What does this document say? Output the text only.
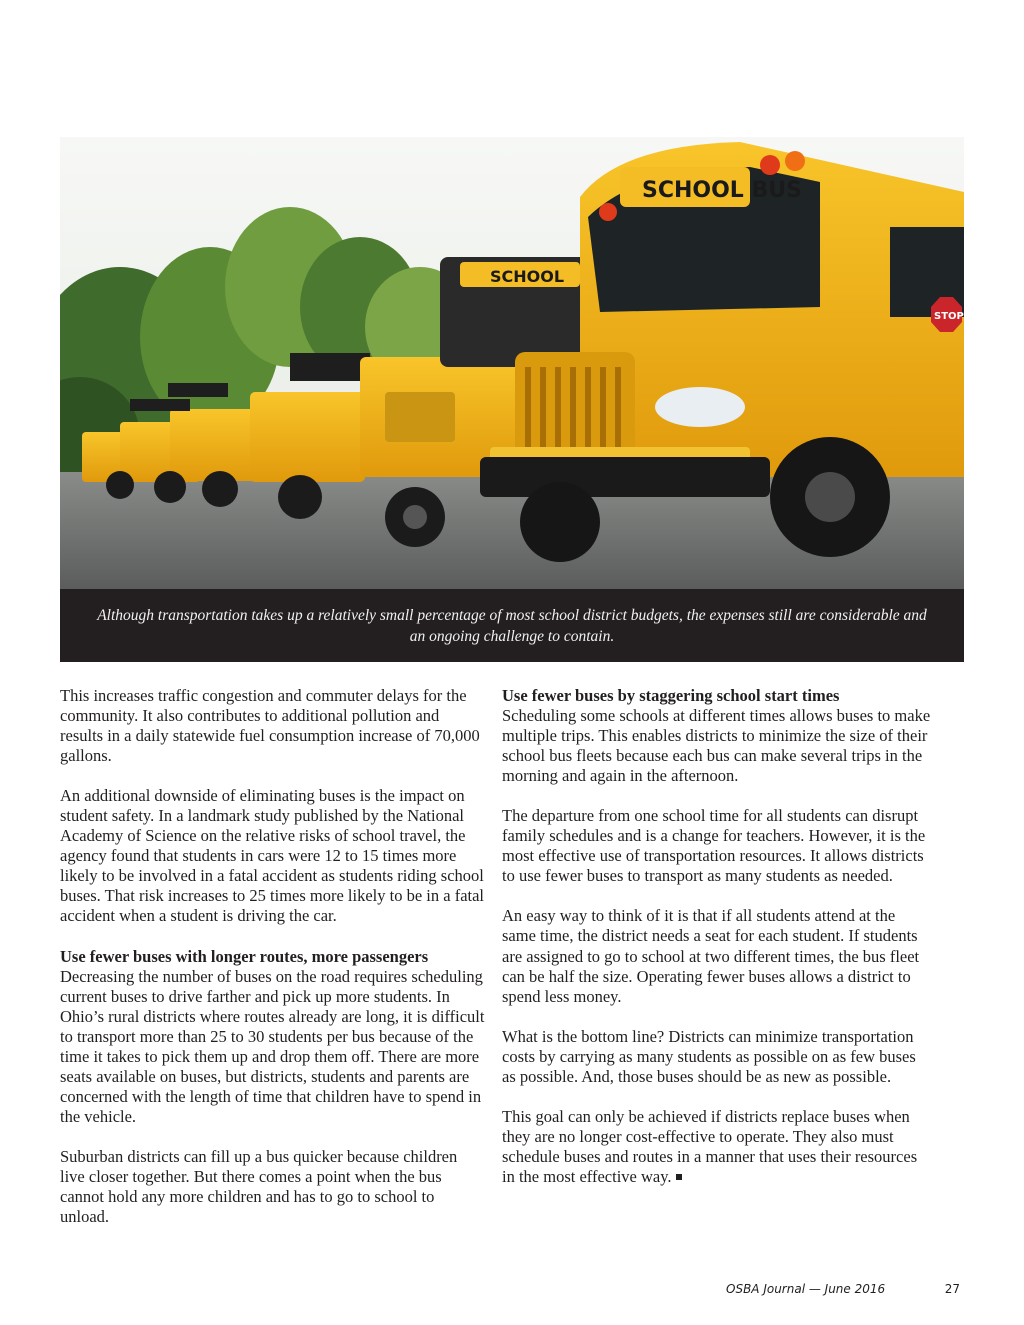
SCHOOL
SCHOOL BUS
STOP
Although transportation takes up a relatively small percentage of most school district budgets, the expenses still are considerable and an ongoing challenge to contain.

This increases traffic congestion and commuter delays for the community. It also contributes to additional pollution and results in a daily statewide fuel consumption increase of 70,000 gallons.

An additional downside of eliminating buses is the impact on student safety. In a landmark study published by the National Academy of Science on the relative risks of school travel, the agency found that students in cars were 12 to 15 times more likely to be involved in a fatal accident as students riding school buses. That risk increases to 25 times more likely to be in a fatal accident when a student is driving the car.

Use fewer buses with longer routes, more passengers

Decreasing the number of buses on the road requires scheduling current buses to drive farther and pick up more students. In Ohio’s rural districts where routes already are long, it is difficult to transport more than 25 to 30 students per bus because of the time it takes to pick them up and drop them off. There are more seats available on buses, but districts, students and parents are concerned with the length of time that children have to spend in the vehicle.

Suburban districts can fill up a bus quicker because children live closer together. But there comes a point when the bus cannot hold any more children and has to go to school to unload.

Use fewer buses by staggering school start times

Scheduling some schools at different times allows buses to make multiple trips. This enables districts to minimize the size of their school bus fleets because each bus can make several trips in the morning and again in the afternoon.

The departure from one school time for all students can disrupt family schedules and is a change for teachers. However, it is the most effective use of transportation resources. It allows districts to use fewer buses to transport as many students as needed.

An easy way to think of it is that if all students attend at the same time, the district needs a seat for each student. If students are assigned to go to school at two different times, the bus fleet can be half the size. Operating fewer buses allows a district to spend less money.

What is the bottom line? Districts can minimize transportation costs by carrying as many students as possible on as few buses as possible. And, those buses should be as new as possible.

This goal can only be achieved if districts replace buses when they are no longer cost-effective to operate. They also must schedule buses and routes in a manner that uses their resources in the most effective way.

OSBA Journal — June 2016	27
